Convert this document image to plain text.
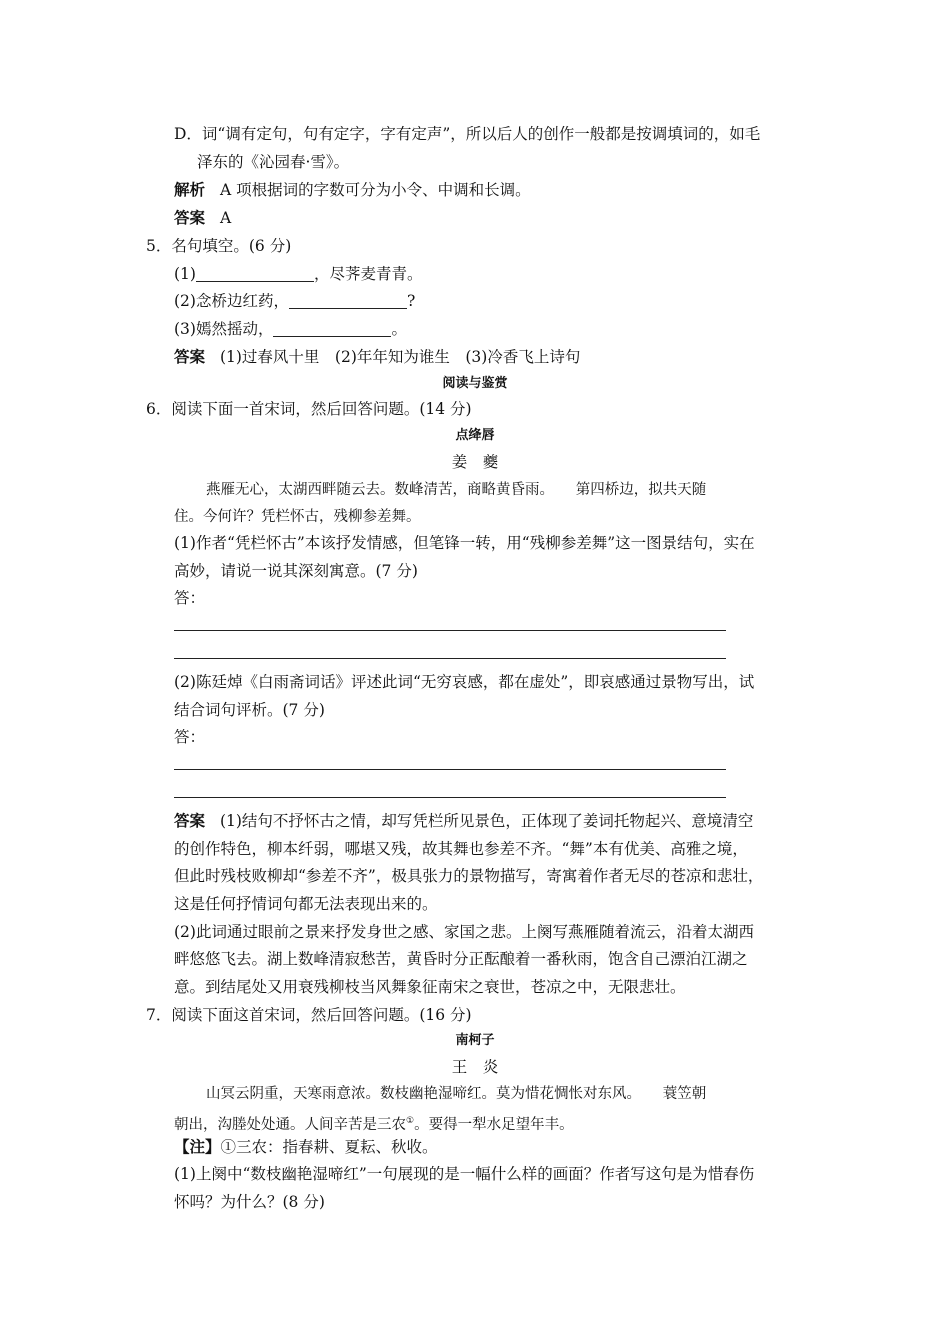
D．词“调有定句，句有定字，字有定声”，所以后人的创作一般都是按调填词的，如毛
泽东的《沁园春·雪》。
解析 A 项根据词的字数可分为小令、中调和长调。
答案 A
5．名句填空。(6 分)
(1)	，尽荠麦青青。
(2)念桥边红药，	?
(3)嫣然摇动，	。
答案 (1)过春风十里　(2)年年知为谁生　(3)冷香飞上诗句
阅读与鉴赏
6．阅读下面一首宋词，然后回答问题。(14 分)
点绛唇
姜　夔
燕雁无心，太湖西畔随云去。数峰清苦，商略黄昏雨。　　第四桥边，拟共天随
住。今何许？凭栏怀古，残柳参差舞。
(1)作者“凭栏怀古”本该抒发情感，但笔锋一转，用“残柳参差舞”这一图景结句，实在
高妙，请说一说其深刻寓意。(7 分)
答：
(2)陈廷焯《白雨斋词话》评述此词“无穷哀感，都在虚处”，即哀感通过景物写出，试
结合词句评析。(7 分)
答：
答案 (1)结句不抒怀古之情，却写凭栏所见景色，正体现了姜词托物起兴、意境清空
的创作特色，柳本纤弱，哪堪又残，故其舞也参差不齐。“舞”本有优美、高雅之境，
但此时残枝败柳却“参差不齐”，极具张力的景物描写，寄寓着作者无尽的苍凉和悲壮，
这是任何抒情词句都无法表现出来的。
(2)此词通过眼前之景来抒发身世之感、家国之悲。上阕写燕雁随着流云，沿着太湖西
畔悠悠飞去。湖上数峰清寂愁苦，黄昏时分正酝酿着一番秋雨，饱含自己漂泊江湖之
意。到结尾处又用衰残柳枝当风舞象征南宋之衰世，苍凉之中，无限悲壮。
7．阅读下面这首宋词，然后回答问题。(16 分)
南柯子
王　炎
山冥云阴重，天寒雨意浓。数枝幽艳湿啼红。莫为惜花惆怅对东风。　　蓑笠朝
朝出，沟塍处处通。人间辛苦是三农①。要得一犁水足望年丰。
【注】①三农：指春耕、夏耘、秋收。
(1)上阕中“数枝幽艳湿啼红”一句展现的是一幅什么样的画面？作者写这句是为惜春伤
怀吗？为什么？(8 分)
